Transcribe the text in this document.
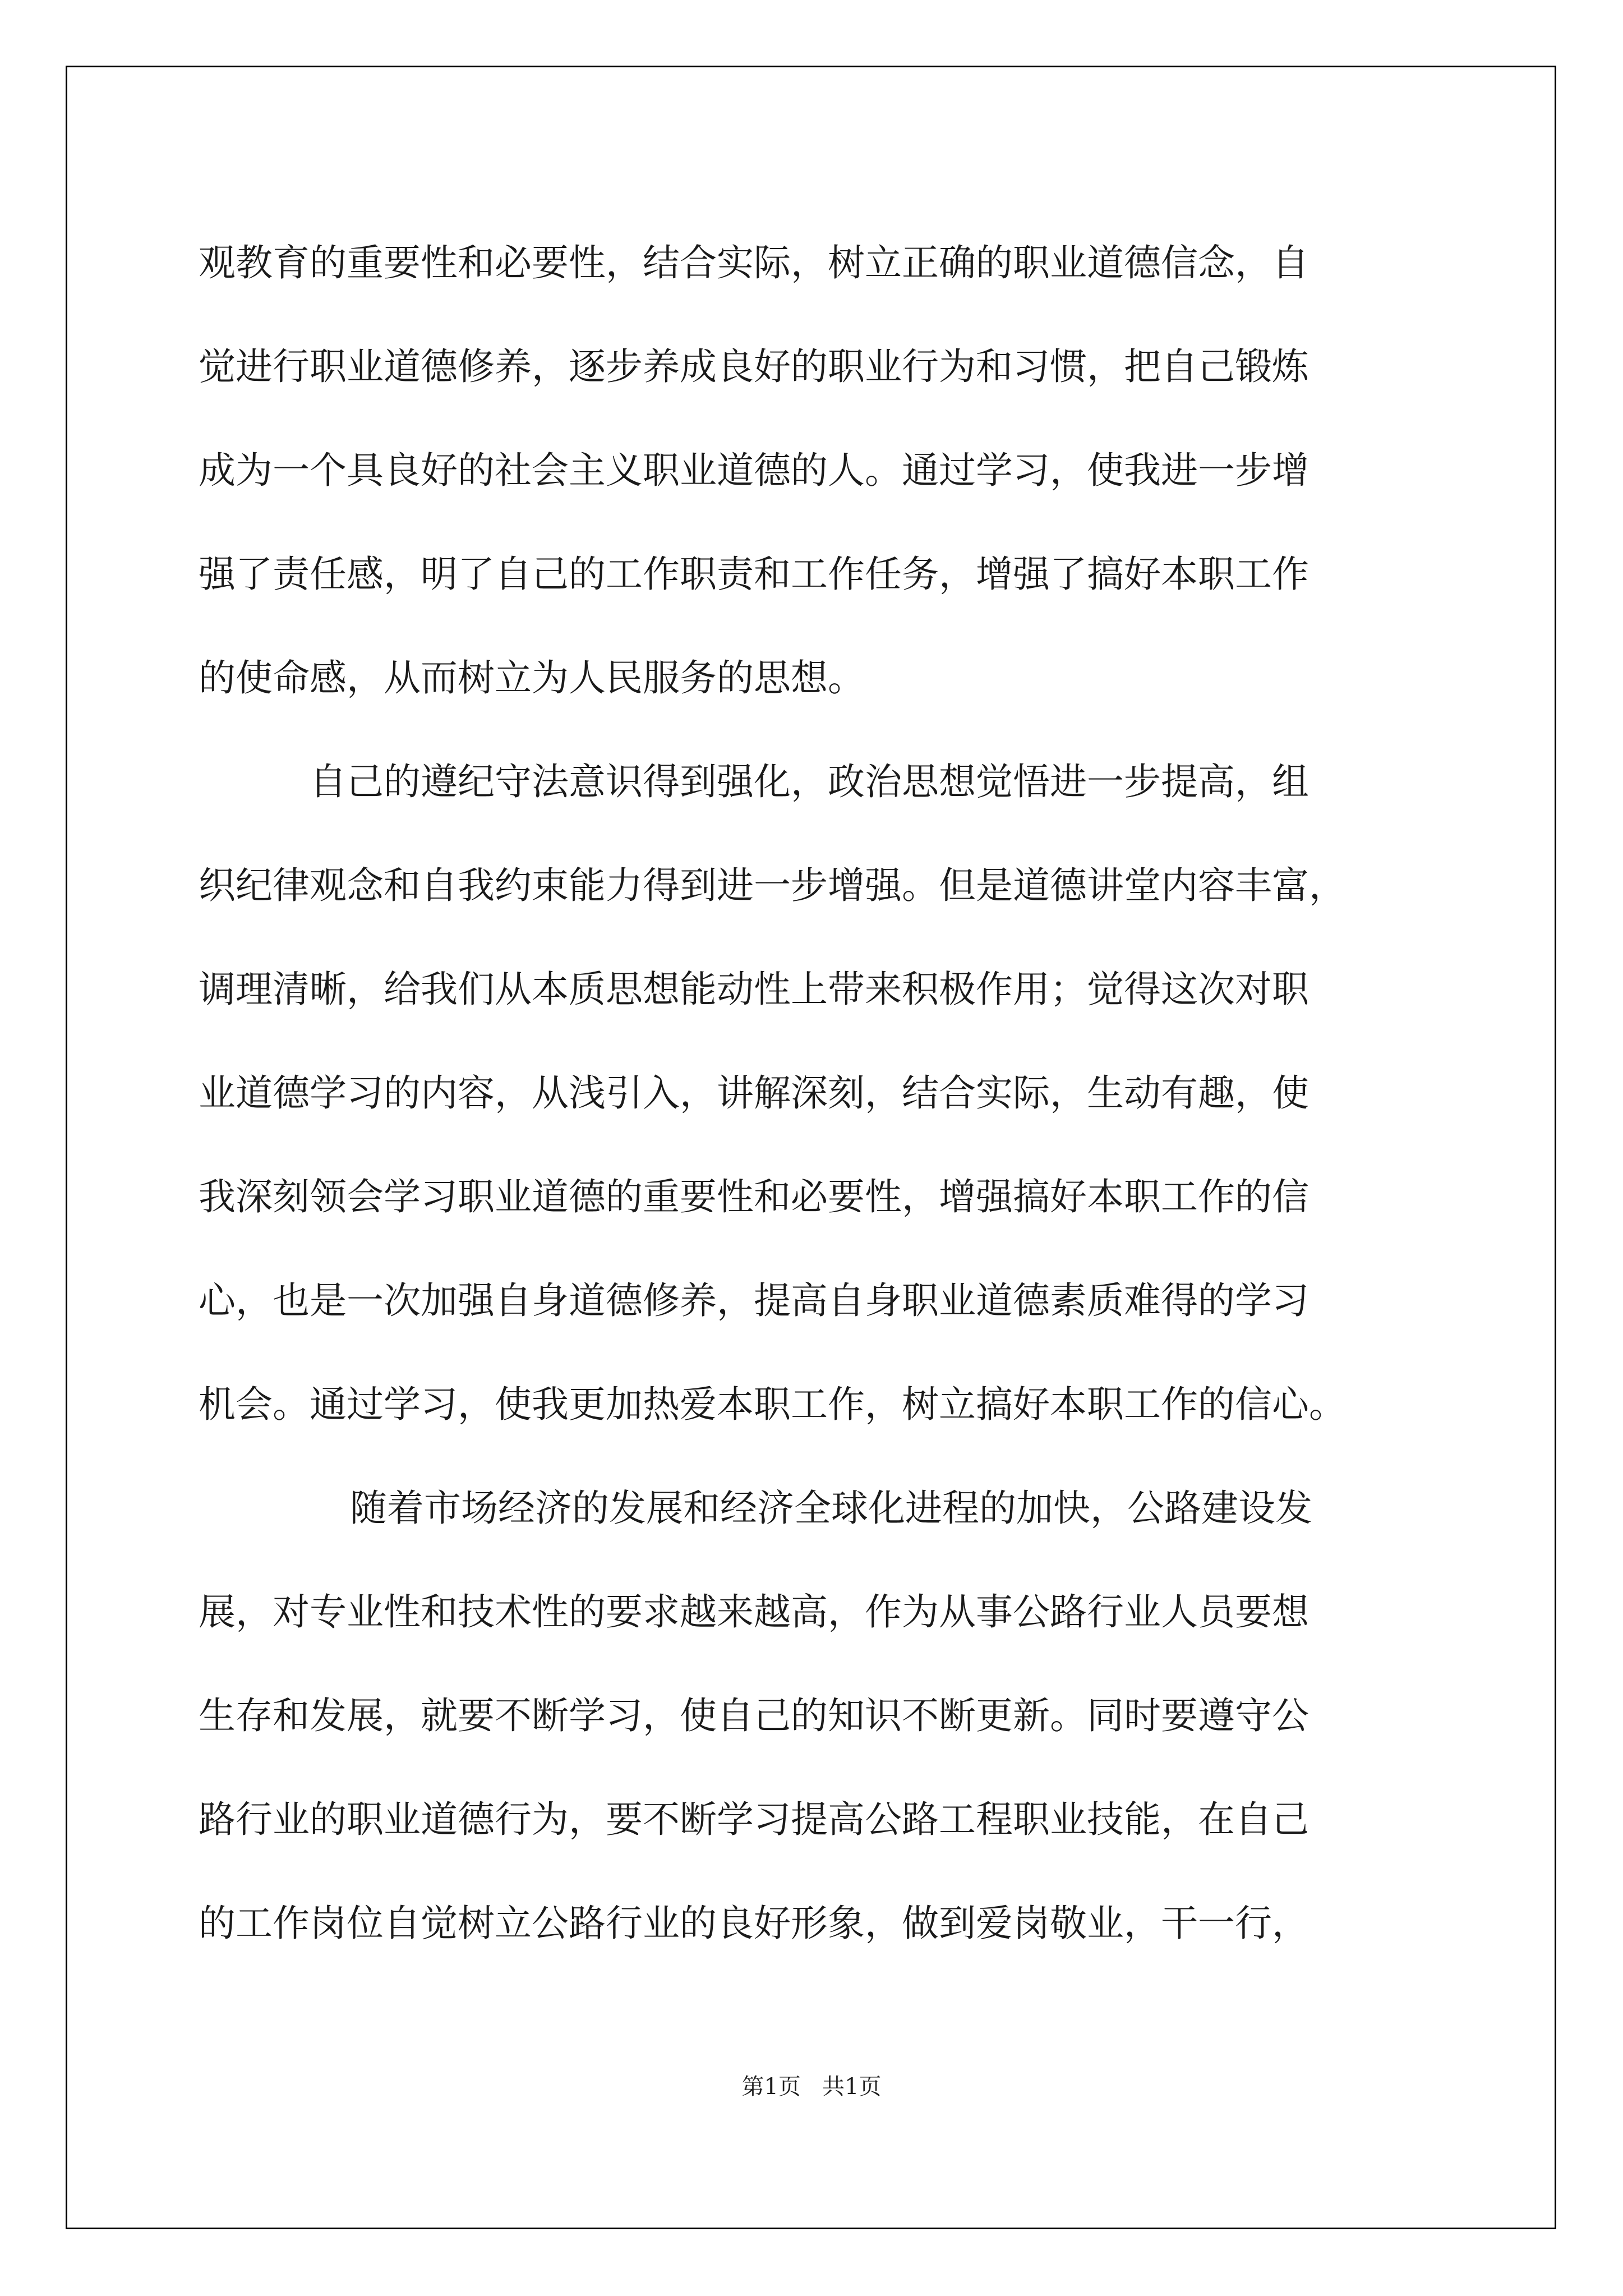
观教育的重要性和必要性，结合实际，树立正确的职业道德信念，自
觉进行职业道德修养，逐步养成良好的职业行为和习惯，把自己锻炼
成为一个具良好的社会主义职业道德的人。通过学习，使我进一步增
强了责任感，明了自己的工作职责和工作任务，增强了搞好本职工作
的使命感，从而树立为人民服务的思想。
自己的遵纪守法意识得到强化，政治思想觉悟进一步提高，组
织纪律观念和自我约束能力得到进一步增强。但是道德讲堂内容丰富，
调理清晰，给我们从本质思想能动性上带来积极作用；觉得这次对职
业道德学习的内容，从浅引入，讲解深刻，结合实际，生动有趣，使
我深刻领会学习职业道德的重要性和必要性，增强搞好本职工作的信
心，也是一次加强自身道德修养，提高自身职业道德素质难得的学习
机会。通过学习，使我更加热爱本职工作，树立搞好本职工作的信心。
随着市场经济的发展和经济全球化进程的加快，公路建设发
展，对专业性和技术性的要求越来越高，作为从事公路行业人员要想
生存和发展，就要不断学习，使自己的知识不断更新。同时要遵守公
路行业的职业道德行为，要不断学习提高公路工程职业技能，在自己
的工作岗位自觉树立公路行业的良好形象，做到爱岗敬业，干一行，
第1页   共1页
